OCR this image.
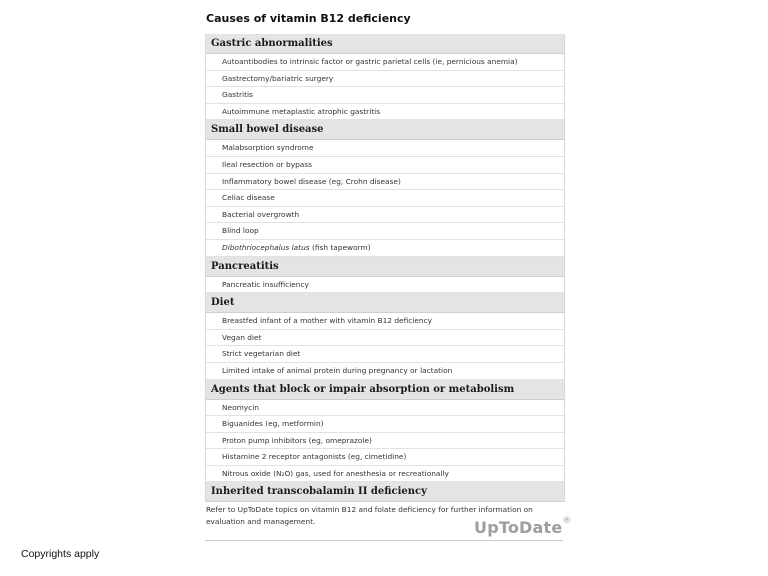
Causes of vitamin B12 deficiency
Gastric abnormalities
Autoantibodies to intrinsic factor or gastric parietal cells (ie, pernicious anemia)
Gastrectomy/bariatric surgery
Gastritis
Autoimmune metaplastic atrophic gastritis
Small bowel disease
Malabsorption syndrome
Ileal resection or bypass
Inflammatory bowel disease (eg, Crohn disease)
Celiac disease
Bacterial overgrowth
Blind loop
Dibothriocephalus latus (fish tapeworm)
Pancreatitis
Pancreatic insufficiency
Diet
Breastfed infant of a mother with vitamin B12 deficiency
Vegan diet
Strict vegetarian diet
Limited intake of animal protein during pregnancy or lactation
Agents that block or impair absorption or metabolism
Neomycin
Biguanides (eg, metformin)
Proton pump inhibitors (eg, omeprazole)
Histamine 2 receptor antagonists (eg, cimetidine)
Nitrous oxide (N₂O) gas, used for anesthesia or recreationally
Inherited transcobalamin II deficiency
Refer to UpToDate topics on vitamin B12 and folate deficiency for further information on evaluation and management.	UpToDate®
Copyrights apply
